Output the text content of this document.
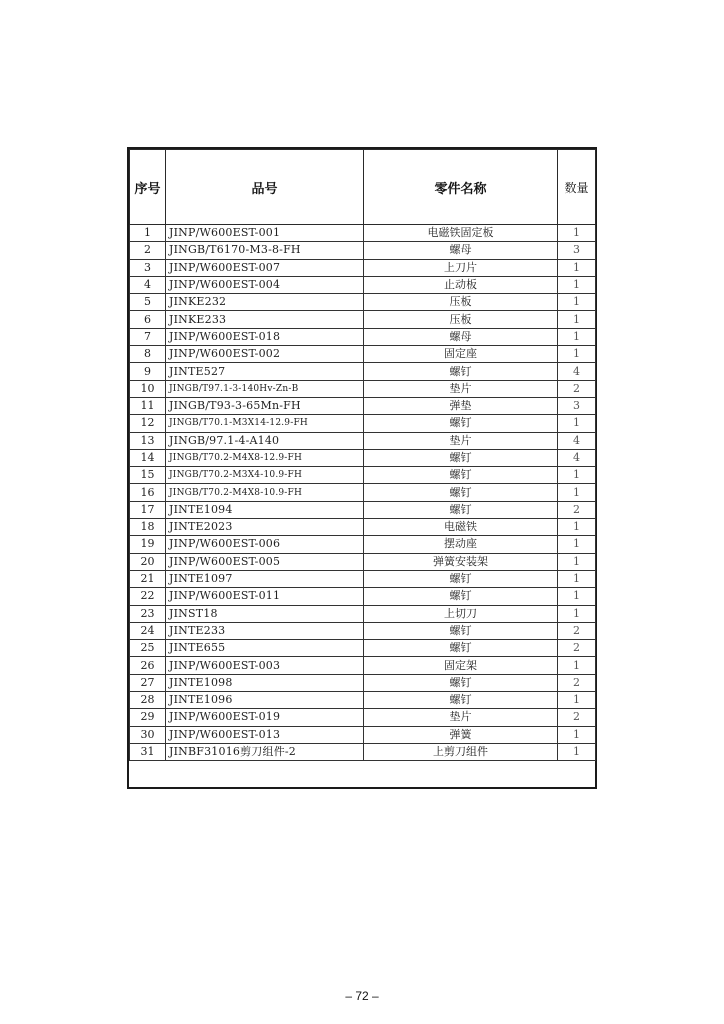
序号	品号	零件名称	数量
1	JINP/W600EST-001	电磁铁固定板	1
2	JINGB/T6170-M3-8-FH	螺母	3
3	JINP/W600EST-007	上刀片	1
4	JINP/W600EST-004	止动板	1
5	JINKE232	压板	1
6	JINKE233	压板	1
7	JINP/W600EST-018	螺母	1
8	JINP/W600EST-002	固定座	1
9	JINTE527	螺钉	4
10	JINGB/T97.1-3-140Hv-Zn-B	垫片	2
11	JINGB/T93-3-65Mn-FH	弹垫	3
12	JINGB/T70.1-M3X14-12.9-FH	螺钉	1
13	JINGB/97.1-4-A140	垫片	4
14	JINGB/T70.2-M4X8-12.9-FH	螺钉	4
15	JINGB/T70.2-M3X4-10.9-FH	螺钉	1
16	JINGB/T70.2-M4X8-10.9-FH	螺钉	1
17	JINTE1094	螺钉	2
18	JINTE2023	电磁铁	1
19	JINP/W600EST-006	摆动座	1
20	JINP/W600EST-005	弹簧安装架	1
21	JINTE1097	螺钉	1
22	JINP/W600EST-011	螺钉	1
23	JINST18	上切刀	1
24	JINTE233	螺钉	2
25	JINTE655	螺钉	2
26	JINP/W600EST-003	固定架	1
27	JINTE1098	螺钉	2
28	JINTE1096	螺钉	1
29	JINP/W600EST-019	垫片	2
30	JINP/W600EST-013	弹簧	1
31	JINBF31016剪刀组件-2	上剪刀组件	1
– 72 –
